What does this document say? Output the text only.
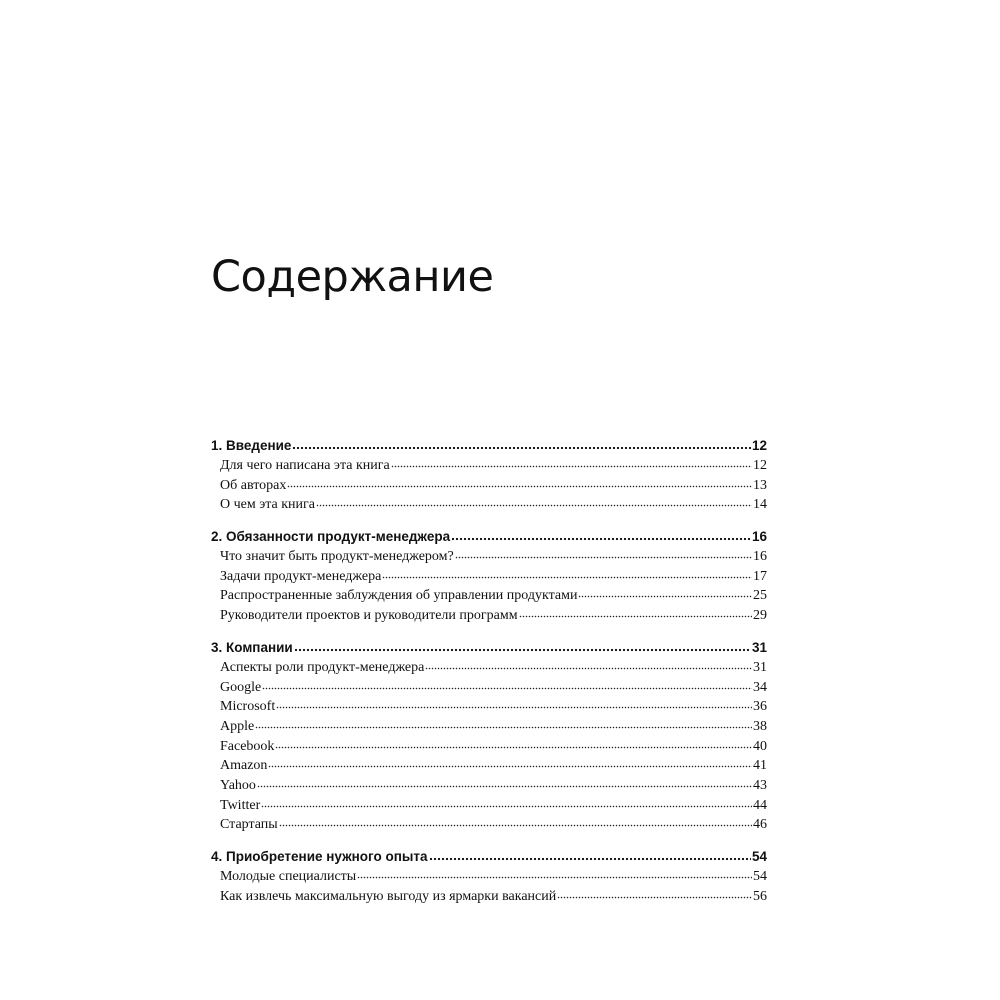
Содержание
1. Введение	12
Для чего написана эта книга	12
Об авторах	13
О чем эта книга	14
2. Обязанности продукт-менеджера	16
Что значит быть продукт-менеджером?	16
Задачи продукт-менеджера	17
Распространенные заблуждения об управлении продуктами	25
Руководители проектов и руководители программ	29
3. Компании	31
Аспекты роли продукт-менеджера	31
Google	34
Microsoft	36
Apple	38
Facebook	40
Amazon	41
Yahoo	43
Twitter	44
Стартапы	46
4. Приобретение нужного опыта	54
Молодые специалисты	54
Как извлечь максимальную выгоду из ярмарки вакансий	56
